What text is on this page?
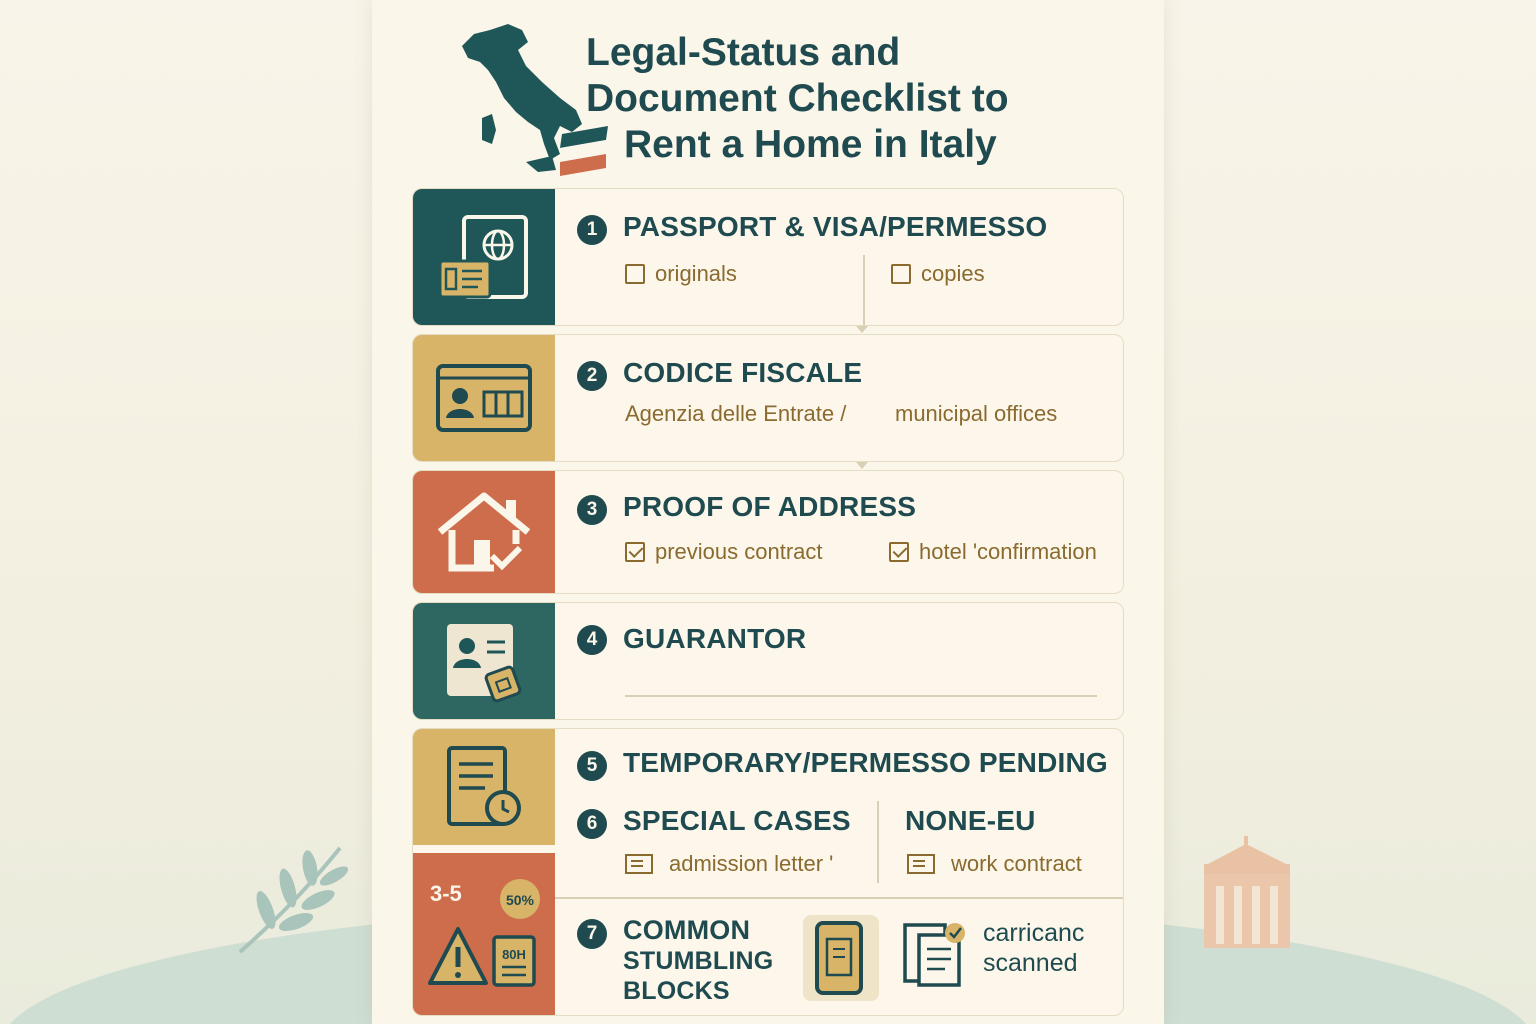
Legal-Status and
Document Checklist to
Rent a Home in Italy
1 PASSPORT & VISA/PERMESSO
originals	copies
2 CODICE FISCALE
Agenzia delle Entrate / municipal offices
3 PROOF OF ADDRESS
previous contract	hotel 'confirmation
4 GUARANTOR
3-5	50%
80H
5 TEMPORARY/PERMESSO PENDING
6 SPECIAL CASES NONE-EU
admission letter '	work contract
7 COMMON
STUMBLING
BLOCKS
carricanc
scanned
